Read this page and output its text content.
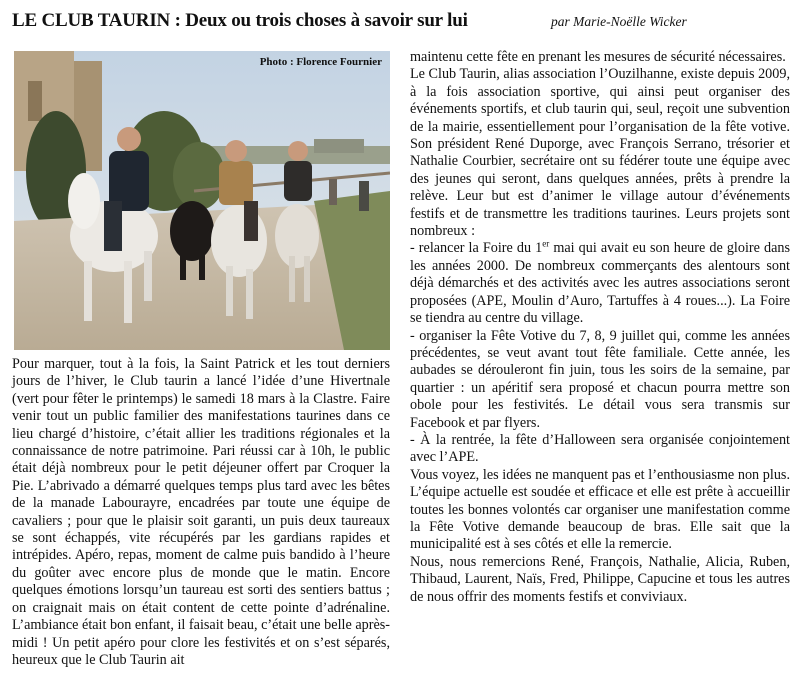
LE CLUB TAURIN : Deux ou trois choses à savoir sur lui	par Marie-Noëlle Wicker
Photo : Florence Fournier

Pour marquer, tout à la fois, la Saint Patrick et les tout derniers jours de l’hiver, le Club taurin a lancé l’idée d’une Hivertnale (vert pour fêter le printemps) le samedi 18 mars à la Clastre. Faire venir tout un public familier des manifestations taurines dans ce lieu chargé d’histoire, c’était allier les traditions régionales et la connaissance de notre patrimoine. Pari réussi car à 10h, le public était déjà nombreux pour le petit déjeuner offert par Croquer la Pie. L’abrivado a démarré quelques temps plus tard avec les bêtes de la manade Labourayre, encadrées par toute une équipe de cavaliers ; pour que le plaisir soit garanti, un puis deux taureaux se sont échappés, vite récupérés par les gardians rapides et intrépides. Apéro, repas, moment de calme puis bandido à l’heure du goûter avec encore plus de monde que le matin. Encore quelques émotions lorsqu’un taureau est sorti des sentiers battus ; on craignait mais on était content de cette pointe d’adrénaline. L’ambiance était bon enfant, il faisait beau, c’était une belle après-midi ! Un petit apéro pour clore les festivités et on s’est séparés, heureux que le Club Taurin ait

maintenu cette fête en prenant les mesures de sécurité nécessaires.

Le Club Taurin, alias association l’Ouzilhanne, existe depuis 2009, à la fois association sportive, qui ainsi peut organiser des événements sportifs, et club taurin qui, seul, reçoit une subvention de la mairie, essentiellement pour l’organisation de la fête votive. Son président René Duporge, avec François Serrano, trésorier et Nathalie Courbier, secrétaire ont su fédérer toute une équipe avec des jeunes qui seront, dans quelques années, prêts à prendre la relève. Leur but est d’animer le village autour d’événements festifs et de transmettre les traditions taurines. Leurs projets sont nombreux :

- relancer la Foire du 1er mai qui avait eu son heure de gloire dans les années 2000. De nombreux commerçants des alentours sont déjà démarchés et des activités avec les autres associations seront proposées (APE, Moulin d’Auro, Tartuffes à 4 roues...). La Foire se tiendra au centre du village.

- organiser la Fête Votive du 7, 8, 9 juillet qui, comme les années précédentes, se veut avant tout fête familiale. Cette année, les aubades se dérouleront fin juin, tous les soirs de la semaine, par quartier : un apéritif sera proposé et chacun pourra mettre son obole pour les festivités. Le détail vous sera transmis sur Facebook et par flyers.

- À la rentrée, la fête d’Halloween sera organisée conjointement avec l’APE.

Vous voyez, les idées ne manquent pas et l’enthousiasme non plus. L’équipe actuelle est soudée et efficace et elle est prête à accueillir toutes les bonnes volontés car organiser une manifestation comme la Fête Votive demande beaucoup de bras. Elle sait que la municipalité est à ses côtés et elle la remercie.

Nous, nous remercions René, François, Nathalie, Alicia, Ruben, Thibaud, Laurent, Naïs, Fred, Philippe, Capucine et tous les autres de nous offrir des moments festifs et conviviaux.
